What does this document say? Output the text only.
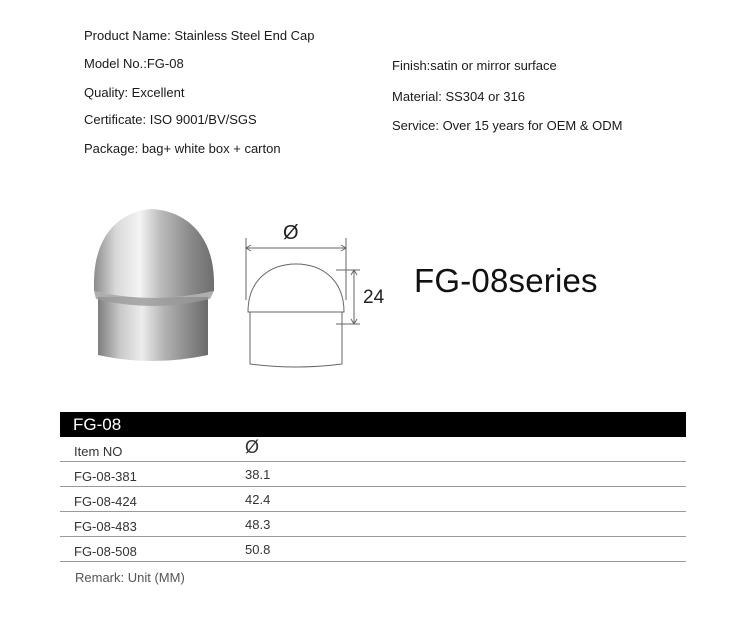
Product Name: Stainless Steel End Cap
Model No.:FG-08
Quality: Excellent
Certificate: ISO 9001/BV/SGS
Package: bag+ white box + carton
Finish:satin or mirror surface
Material: SS304 or 316
Service: Over 15 years for OEM & ODM
Ø
24 FG-08series
FG-08
Item NO	Ø
FG-08-381	38.1
FG-08-424	42.4
FG-08-483	48.3
FG-08-508	50.8
Remark: Unit (MM)
